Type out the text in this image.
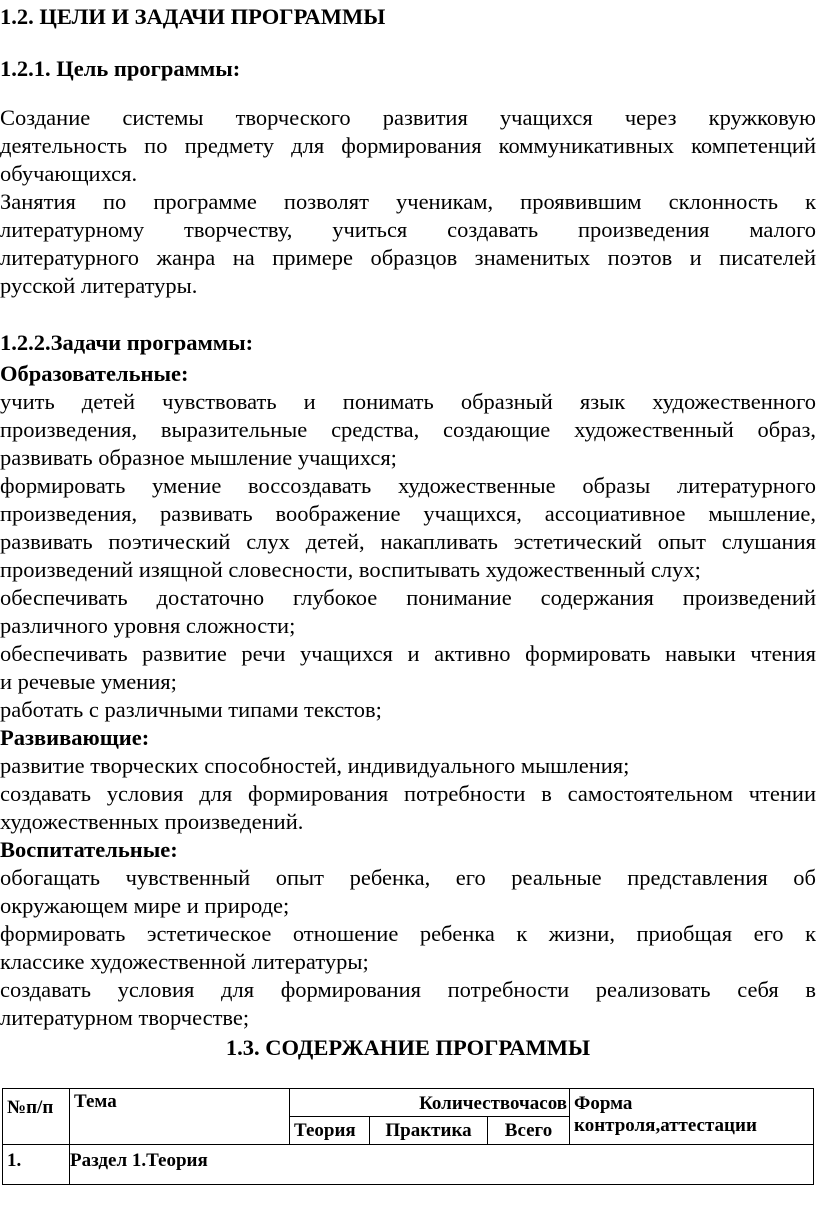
1.2. ЦЕЛИ И ЗАДАЧИ ПРОГРАММЫ

1.2.1. Цель программы:

Создание системы творческого развития учащихся через кружковую

деятельность по предмету для формирования коммуникативных компетенций

обучающихся.

Занятия по программе позволят ученикам, проявившим склонность к

литературному творчеству, учиться создавать произведения малого

литературного жанра на примере образцов знаменитых поэтов и писателей

русской литературы.

1.2.2.Задачи программы:

Образовательные:

учить детей чувствовать и понимать образный язык художественного

произведения, выразительные средства, создающие художественный образ,

развивать образное мышление учащихся;

формировать умение воссоздавать художественные образы литературного

произведения, развивать воображение учащихся, ассоциативное мышление,

развивать поэтический слух детей, накапливать эстетический опыт слушания

произведений изящной словесности, воспитывать художественный слух;

обеспечивать достаточно глубокое понимание содержания произведений

различного уровня сложности;

обеспечивать развитие речи учащихся и активно формировать навыки чтения

и речевые умения;

работать с различными типами текстов;

Развивающие:

развитие творческих способностей, индивидуального мышления;

создавать условия для формирования потребности в самостоятельном чтении

художественных произведений.

Воспитательные:

обогащать чувственный опыт ребенка, его реальные представления об

окружающем мире и природе;

формировать эстетическое отношение ребенка к жизни, приобщая его к

классике художественной литературы;

создавать условия для формирования потребности реализовать себя в

литературном творчестве;

1.3. СОДЕРЖАНИЕ ПРОГРАММЫ

№п/п	Тема	Количествочасов			Форма
контроля,аттестации

		Теория	Практика	Всего	
1.	Раздел 1.Теория				
